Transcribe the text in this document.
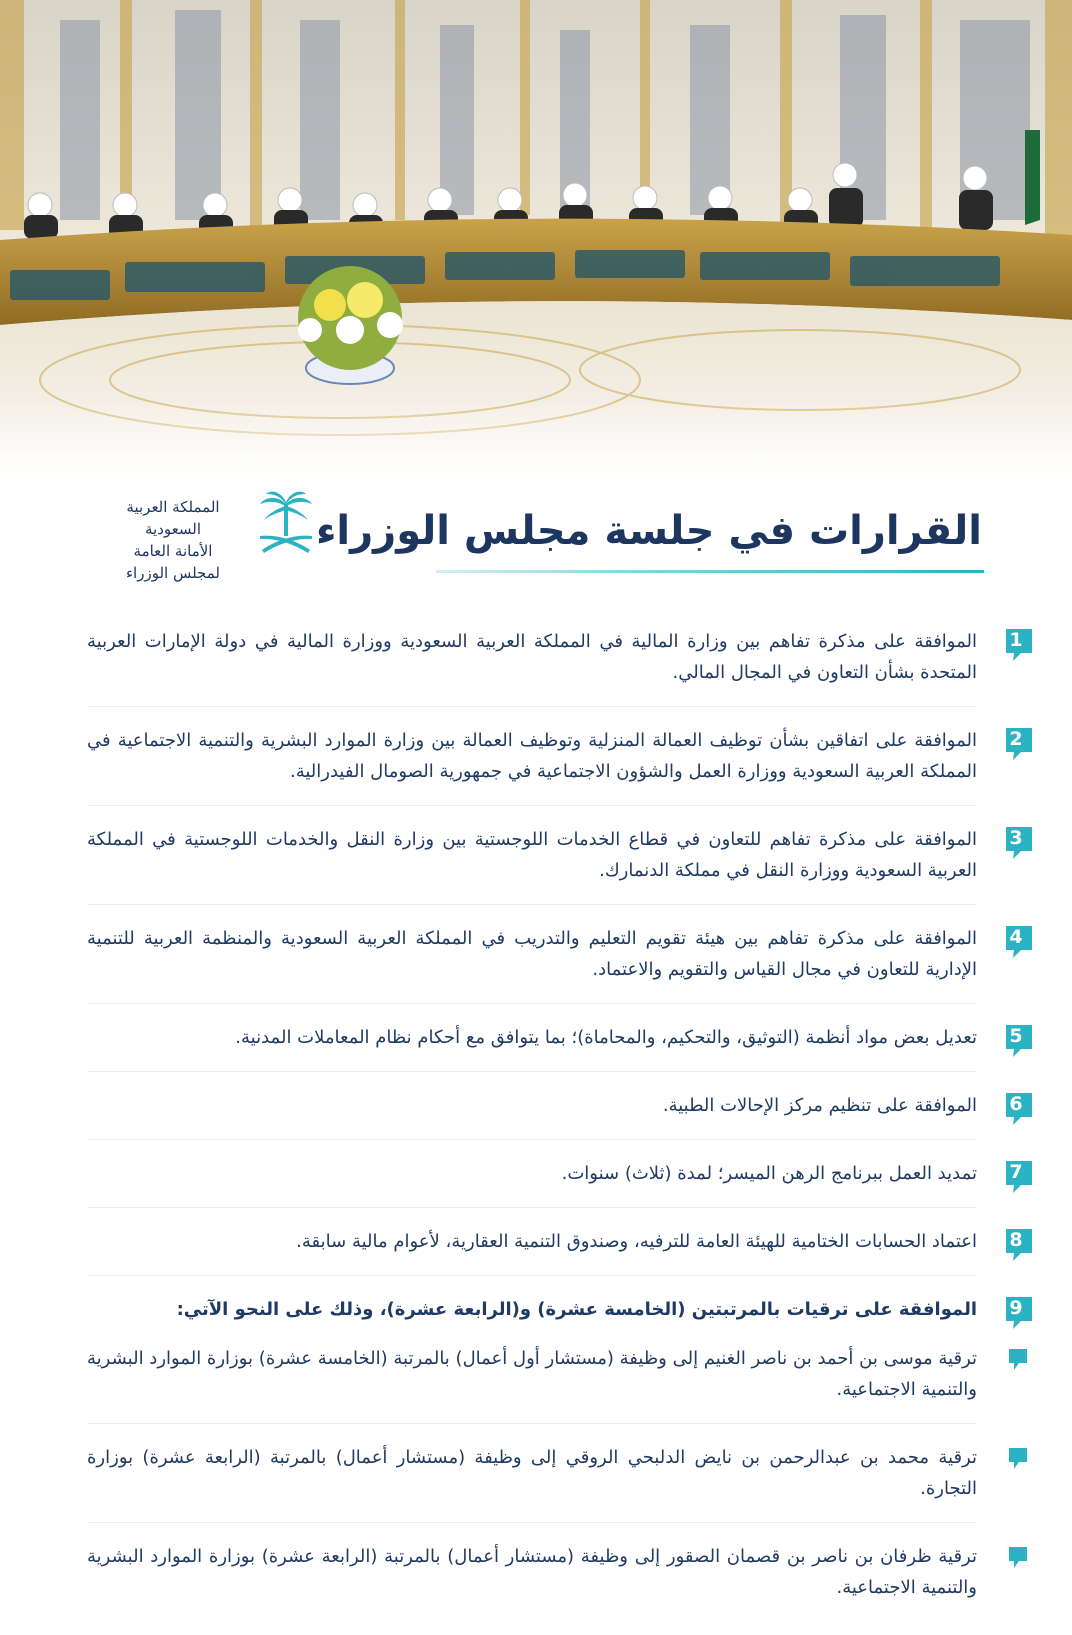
القرارات في جلسة مجلس الوزراء
المملكة العربية السعودية
الأمانة العامة لمجلس الوزراء
1
الموافقة على مذكرة تفاهم بين وزارة المالية في المملكة العربية السعودية ووزارة المالية في دولة الإمارات العربية المتحدة بشأن التعاون في المجال المالي.
2
الموافقة على اتفاقين بشأن توظيف العمالة المنزلية وتوظيف العمالة بين وزارة الموارد البشرية والتنمية الاجتماعية في المملكة العربية السعودية ووزارة العمل والشؤون الاجتماعية في جمهورية الصومال الفيدرالية.
3
الموافقة على مذكرة تفاهم للتعاون في قطاع الخدمات اللوجستية بين وزارة النقل والخدمات اللوجستية في المملكة العربية السعودية ووزارة النقل في مملكة الدنمارك.
4
الموافقة على مذكرة تفاهم بين هيئة تقويم التعليم والتدريب في المملكة العربية السعودية والمنظمة العربية للتنمية الإدارية للتعاون في مجال القياس والتقويم والاعتماد.
5
تعديل بعض مواد أنظمة (التوثيق، والتحكيم، والمحاماة)؛ بما يتوافق مع أحكام نظام المعاملات المدنية.
6
الموافقة على تنظيم مركز الإحالات الطبية.
7
تمديد العمل ببرنامج الرهن الميسر؛ لمدة (ثلاث) سنوات.
8
اعتماد الحسابات الختامية للهيئة العامة للترفيه، وصندوق التنمية العقارية، لأعوام مالية سابقة.
9
الموافقة على ترقيات بالمرتبتين (الخامسة عشرة) و(الرابعة عشرة)، وذلك على النحو الآتي:
ترقية موسى بن أحمد بن ناصر الغنيم إلى وظيفة (مستشار أول أعمال) بالمرتبة (الخامسة عشرة) بوزارة الموارد البشرية والتنمية الاجتماعية.
ترقية محمد بن عبدالرحمن بن نايض الدلبحي الروقي إلى وظيفة (مستشار أعمال) بالمرتبة (الرابعة عشرة) بوزارة التجارة.
ترقية ظرفان بن ناصر بن قصمان الصقور إلى وظيفة (مستشار أعمال) بالمرتبة (الرابعة عشرة) بوزارة الموارد البشرية والتنمية الاجتماعية.
